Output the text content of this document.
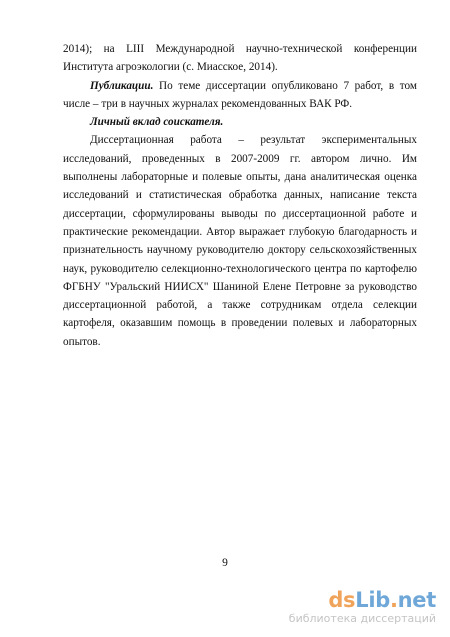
2014); на LIII Международной научно-технической конференции Института агроэкологии (с. Миасское, 2014).

Публикации. По теме диссертации опубликовано 7 работ, в том числе – три в научных журналах рекомендованных ВАК РФ.

Личный вклад соискателя.

Диссертационная работа – результат экспериментальных исследований, проведенных в 2007-2009 гг. автором лично. Им выполнены лабораторные и полевые опыты, дана аналитическая оценка исследований и статистическая обработка данных, написание текста диссертации, сформулированы выводы по диссертационной работе и практические рекомендации. Автор выражает глубокую благодарность и признательность научному руководителю доктору сельскохозяйственных наук, руководителю селекционно-технологического центра по картофелю ФГБНУ "Уральский НИИСХ" Шаниной Елене Петровне за руководство диссертационной работой, а также сотрудникам отдела селекции картофеля, оказавшим помощь в проведении полевых и лабораторных опытов.

9
dsLib.net
библиотека диссертаций
